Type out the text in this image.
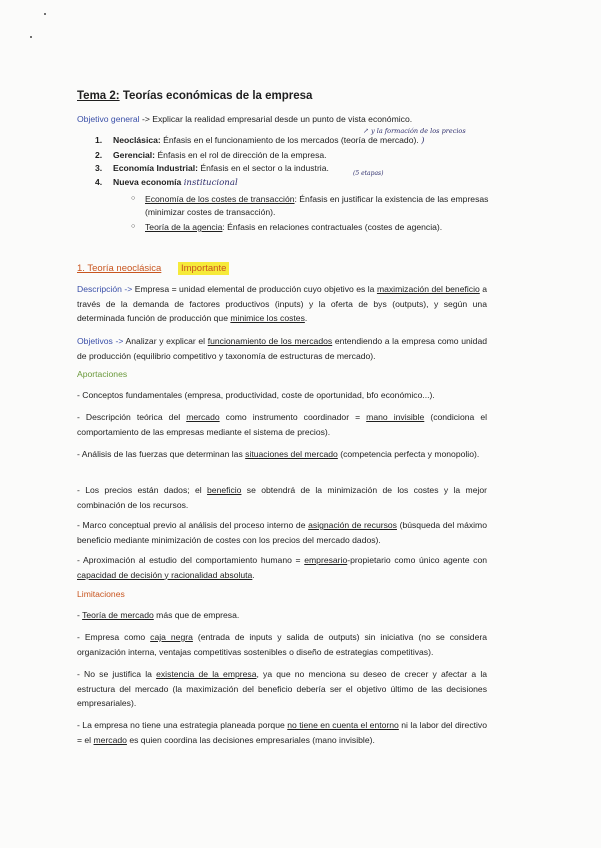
Tema 2: Teorías económicas de la empresa
Objetivo general -> Explicar la realidad empresarial desde un punto de vista económico.
↗ y la formación de los precios
1. Neoclásica: Énfasis en el funcionamiento de los mercados (teoría de mercado). )
2. Gerencial: Énfasis en el rol de dirección de la empresa.
3. Economía Industrial: Énfasis en el sector o la industria.
4. Nueva economía institucional
(5 etapas)
○ Economía de los costes de transacción: Énfasis en justificar la existencia de las empresas (minimizar costes de transacción).
○ Teoría de la agencia: Énfasis en relaciones contractuales (costes de agencia).
1. Teoría neoclásica Importante

Descripción -> Empresa = unidad elemental de producción cuyo objetivo es la maximización del beneficio a través de la demanda de factores productivos (inputs) y la oferta de bys (outputs), y según una determinada función de producción que minimice los costes.

Objetivos -> Analizar y explicar el funcionamiento de los mercados entendiendo a la empresa como unidad de producción (equilibrio competitivo y taxonomía de estructuras de mercado).

Aportaciones

- Conceptos fundamentales (empresa, productividad, coste de oportunidad, bfo económico...).

- Descripción teórica del mercado como instrumento coordinador = mano invisible (condiciona el comportamiento de las empresas mediante el sistema de precios).

- Análisis de las fuerzas que determinan las situaciones del mercado (competencia perfecta y monopolio).

- Los precios están dados; el beneficio se obtendrá de la minimización de los costes y la mejor combinación de los recursos.

- Marco conceptual previo al análisis del proceso interno de asignación de recursos (búsqueda del máximo beneficio mediante minimización de costes con los precios del mercado dados).

- Aproximación al estudio del comportamiento humano = empresario-propietario como único agente con capacidad de decisión y racionalidad absoluta.

Limitaciones

- Teoría de mercado más que de empresa.

- Empresa como caja negra (entrada de inputs y salida de outputs) sin iniciativa (no se considera organización interna, ventajas competitivas sostenibles o diseño de estrategias competitivas).

- No se justifica la existencia de la empresa, ya que no menciona su deseo de crecer y afectar a la estructura del mercado (la maximización del beneficio debería ser el objetivo último de las decisiones empresariales).

- La empresa no tiene una estrategia planeada porque no tiene en cuenta el entorno ni la labor del directivo = el mercado es quien coordina las decisiones empresariales (mano invisible).
